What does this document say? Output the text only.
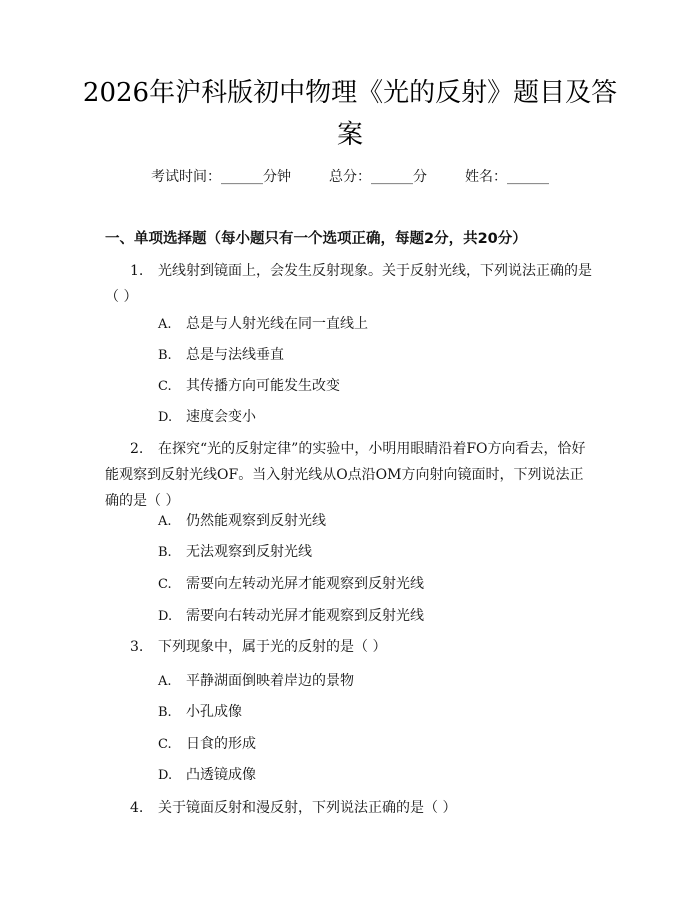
2026年沪科版初中物理《光的反射》题目及答案
考试时间：______分钟	总分：______分	姓名：______
一、单项选择题（每小题只有一个选项正确，每题2分，共20分）
1. 光线射到镜面上，会发生反射现象。关于反射光线，下列说法正确的是（ ）
A. 总是与人射光线在同一直线上
B. 总是与法线垂直
C. 其传播方向可能发生改变
D. 速度会变小
2. 在探究“光的反射定律”的实验中，小明用眼睛沿着FO方向看去，恰好能观察到反射光线OF。当入射光线从O点沿OM方向射向镜面时，下列说法正确的是（ ）
A. 仍然能观察到反射光线
B. 无法观察到反射光线
C. 需要向左转动光屏才能观察到反射光线
D. 需要向右转动光屏才能观察到反射光线
3. 下列现象中，属于光的反射的是（ ）
A. 平静湖面倒映着岸边的景物
B. 小孔成像
C. 日食的形成
D. 凸透镜成像
4. 关于镜面反射和漫反射，下列说法正确的是（ ）
